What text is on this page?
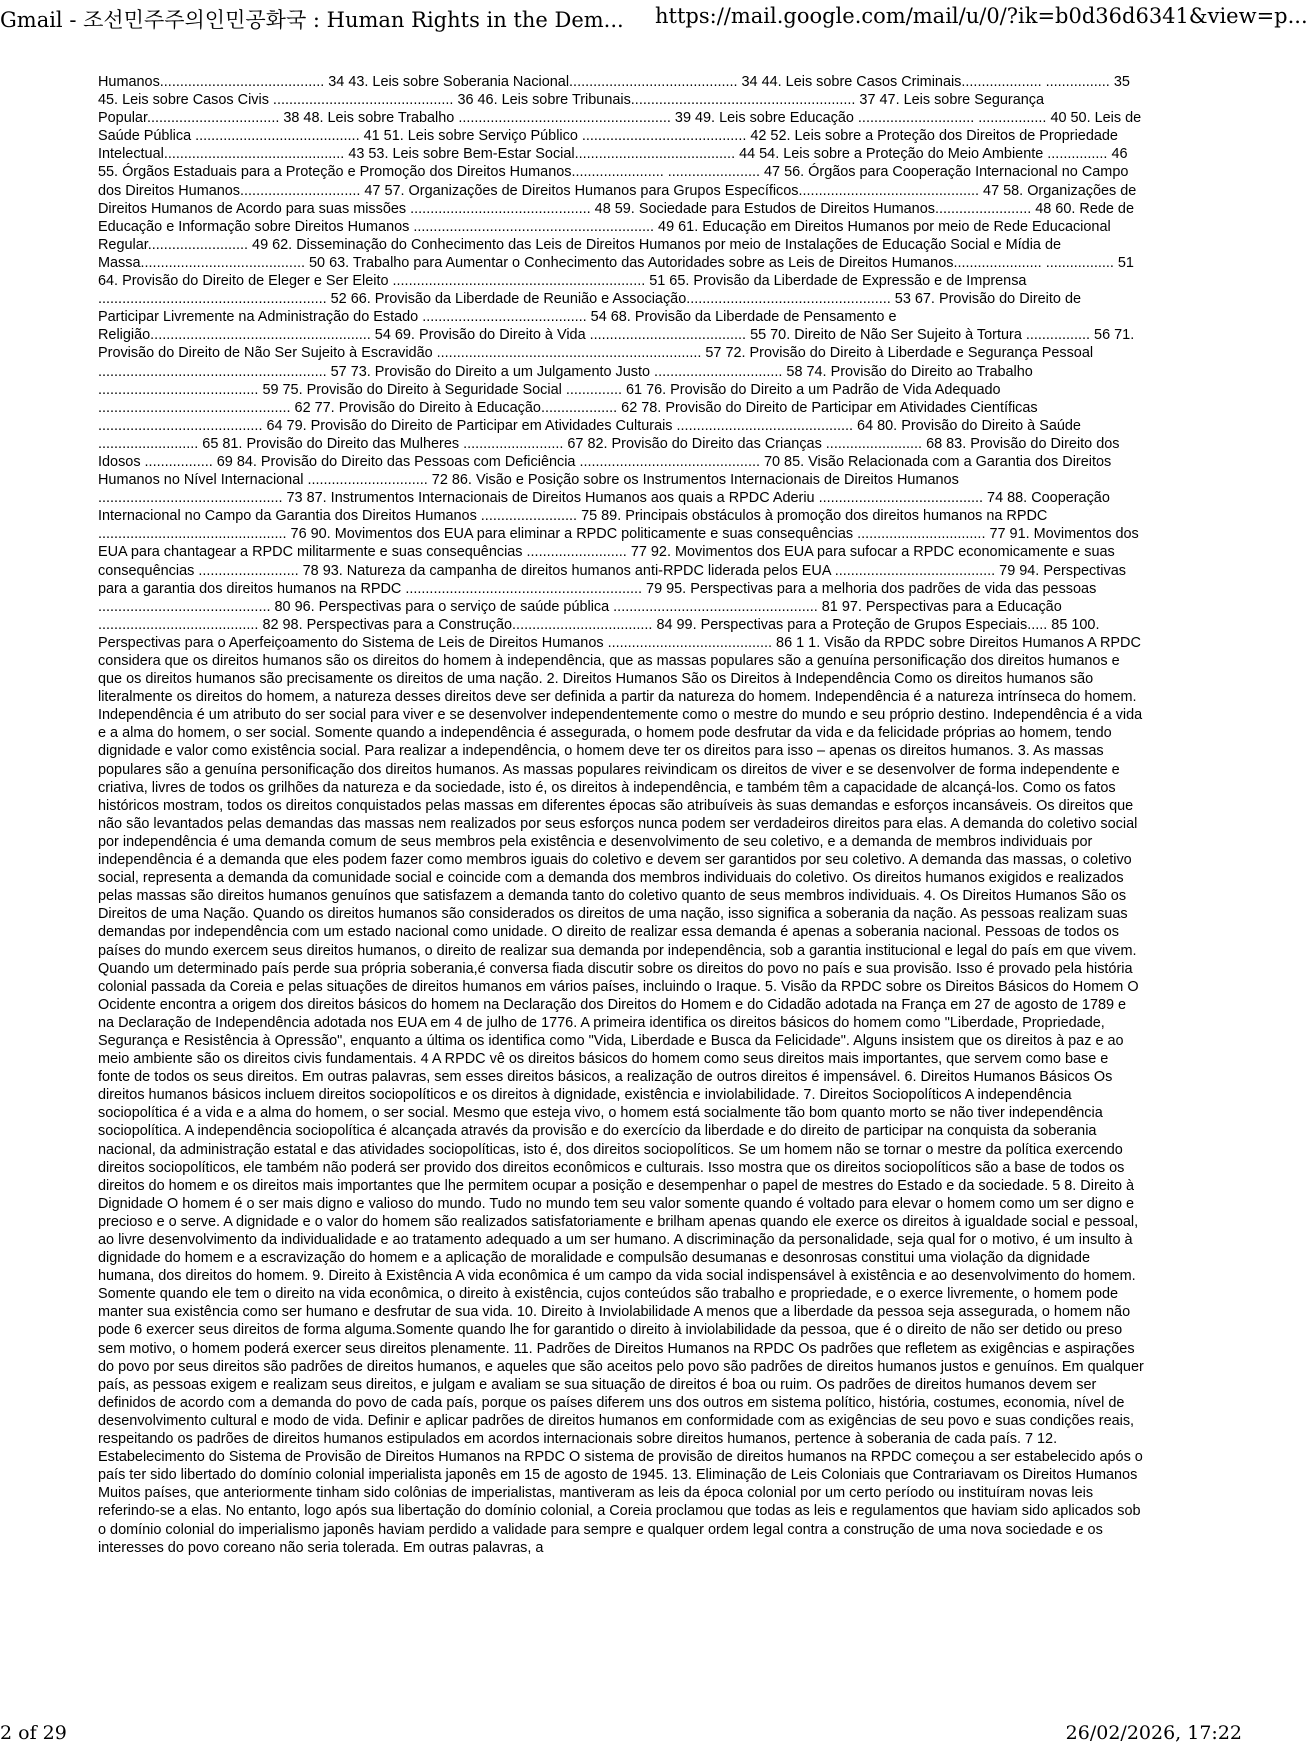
Gmail - 조선민주주의인민공화국 : Human Rights in the Dem... https://mail.google.com/mail/u/0/?ik=b0d36d6341&view=p...

Humanos......................................... 34 43. Leis sobre Soberania Nacional.......................................... 34 44. Leis sobre Casos Criminais.................... ................ 35 45. Leis sobre Casos Civis ............................................. 36 46. Leis sobre Tribunais........................................................ 37 47. Leis sobre Segurança Popular................................. 38 48. Leis sobre Trabalho ..................................................... 39 49. Leis sobre Educação ............................. ................. 40 50. Leis de Saúde Pública ......................................... 41 51. Leis sobre Serviço Público ......................................... 42 52. Leis sobre a Proteção dos Direitos de Propriedade Intelectual............................................. 43 53. Leis sobre Bem-Estar Social........................................ 44 54. Leis sobre a Proteção do Meio Ambiente ............... 46 55. Órgãos Estaduais para a Proteção e Promoção dos Direitos Humanos....................... ....................... 47 56. Órgãos para Cooperação Internacional no Campo dos Direitos Humanos.............................. 47 57. Organizações de Direitos Humanos para Grupos Específicos............................................. 47 58. Organizações de Direitos Humanos de Acordo para suas missões ............................................. 48 59. Sociedade para Estudos de Direitos Humanos........................ 48 60. Rede de Educação e Informação sobre Direitos Humanos ............................................................ 49 61. Educação em Direitos Humanos por meio de Rede Educacional Regular......................... 49 62. Disseminação do Conhecimento das Leis de Direitos Humanos por meio de Instalações de Educação Social e Mídia de Massa......................................... 50 63. Trabalho para Aumentar o Conhecimento das Autoridades sobre as Leis de Direitos Humanos...................... ................. 51 64. Provisão do Direito de Eleger e Ser Eleito ............................................................... 51 65. Provisão da Liberdade de Expressão e de Imprensa ......................................................... 52 66. Provisão da Liberdade de Reunião e Associação................................................... 53 67. Provisão do Direito de Participar Livremente na Administração do Estado ......................................... 54 68. Provisão da Liberdade de Pensamento e Religião....................................................... 54 69. Provisão do Direito à Vida ....................................... 55 70. Direito de Não Ser Sujeito à Tortura ................ 56 71. Provisão do Direito de Não Ser Sujeito à Escravidão .................................................................. 57 72. Provisão do Direito à Liberdade e Segurança Pessoal ......................................................... 57 73. Provisão do Direito a um Julgamento Justo ................................ 58 74. Provisão do Direito ao Trabalho ........................................ 59 75. Provisão do Direito à Seguridade Social .............. 61 76. Provisão do Direito a um Padrão de Vida Adequado ................................................ 62 77. Provisão do Direito à Educação................... 62 78. Provisão do Direito de Participar em Atividades Científicas ......................................... 64 79. Provisão do Direito de Participar em Atividades Culturais ............................................ 64 80. Provisão do Direito à Saúde ......................... 65 81. Provisão do Direito das Mulheres ......................... 67 82. Provisão do Direito das Crianças ........................ 68 83. Provisão do Direito dos Idosos ................. 69 84. Provisão do Direito das Pessoas com Deficiência ............................................. 70 85. Visão Relacionada com a Garantia dos Direitos Humanos no Nível Internacional .............................. 72 86. Visão e Posição sobre os Instrumentos Internacionais de Direitos Humanos .............................................. 73 87. Instrumentos Internacionais de Direitos Humanos aos quais a RPDC Aderiu ......................................... 74 88. Cooperação Internacional no Campo da Garantia dos Direitos Humanos ........................ 75 89. Principais obstáculos à promoção dos direitos humanos na RPDC ............................................... 76 90. Movimentos dos EUA para eliminar a RPDC politicamente e suas consequências ................................ 77 91. Movimentos dos EUA para chantagear a RPDC militarmente e suas consequências ......................... 77 92. Movimentos dos EUA para sufocar a RPDC economicamente e suas consequências ......................... 78 93. Natureza da campanha de direitos humanos anti-RPDC liderada pelos EUA ........................................ 79 94. Perspectivas para a garantia dos direitos humanos na RPDC ........................................................... 79 95. Perspectivas para a melhoria dos padrões de vida das pessoas ........................................... 80 96. Perspectivas para o serviço de saúde pública ................................................... 81 97. Perspectivas para a Educação ........................................ 82 98. Perspectivas para a Construção................................... 84 99. Perspectivas para a Proteção de Grupos Especiais..... 85 100. Perspectivas para o Aperfeiçoamento do Sistema de Leis de Direitos Humanos ......................................... 86 1 1. Visão da RPDC sobre Direitos Humanos A RPDC considera que os direitos humanos são os direitos do homem à independência, que as massas populares são a genuína personificação dos direitos humanos e que os direitos humanos são precisamente os direitos de uma nação. 2. Direitos Humanos São os Direitos à Independência Como os direitos humanos são literalmente os direitos do homem, a natureza desses direitos deve ser definida a partir da natureza do homem. Independência é a natureza intrínseca do homem. Independência é um atributo do ser social para viver e se desenvolver independentemente como o mestre do mundo e seu próprio destino. Independência é a vida e a alma do homem, o ser social. Somente quando a independência é assegurada, o homem pode desfrutar da vida e da felicidade próprias ao homem, tendo dignidade e valor como existência social. Para realizar a independência, o homem deve ter os direitos para isso – apenas os direitos humanos. 3. As massas populares são a genuína personificação dos direitos humanos. As massas populares reivindicam os direitos de viver e se desenvolver de forma independente e criativa, livres de todos os grilhões da natureza e da sociedade, isto é, os direitos à independência, e também têm a capacidade de alcançá-los. Como os fatos históricos mostram, todos os direitos conquistados pelas massas em diferentes épocas são atribuíveis às suas demandas e esforços incansáveis. Os direitos que não são levantados pelas demandas das massas nem realizados por seus esforços nunca podem ser verdadeiros direitos para elas. A demanda do coletivo social por independência é uma demanda comum de seus membros pela existência e desenvolvimento de seu coletivo, e a demanda de membros individuais por independência é a demanda que eles podem fazer como membros iguais do coletivo e devem ser garantidos por seu coletivo. A demanda das massas, o coletivo social, representa a demanda da comunidade social e coincide com a demanda dos membros individuais do coletivo. Os direitos humanos exigidos e realizados pelas massas são direitos humanos genuínos que satisfazem a demanda tanto do coletivo quanto de seus membros individuais. 4. Os Direitos Humanos São os Direitos de uma Nação. Quando os direitos humanos são considerados os direitos de uma nação, isso significa a soberania da nação. As pessoas realizam suas demandas por independência com um estado nacional como unidade. O direito de realizar essa demanda é apenas a soberania nacional. Pessoas de todos os países do mundo exercem seus direitos humanos, o direito de realizar sua demanda por independência, sob a garantia institucional e legal do país em que vivem. Quando um determinado país perde sua própria soberania,é conversa fiada discutir sobre os direitos do povo no país e sua provisão. Isso é provado pela história colonial passada da Coreia e pelas situações de direitos humanos em vários países, incluindo o Iraque. 5. Visão da RPDC sobre os Direitos Básicos do Homem O Ocidente encontra a origem dos direitos básicos do homem na Declaração dos Direitos do Homem e do Cidadão adotada na França em 27 de agosto de 1789 e na Declaração de Independência adotada nos EUA em 4 de julho de 1776. A primeira identifica os direitos básicos do homem como "Liberdade, Propriedade, Segurança e Resistência à Opressão", enquanto a última os identifica como "Vida, Liberdade e Busca da Felicidade". Alguns insistem que os direitos à paz e ao meio ambiente são os direitos civis fundamentais. 4 A RPDC vê os direitos básicos do homem como seus direitos mais importantes, que servem como base e fonte de todos os seus direitos. Em outras palavras, sem esses direitos básicos, a realização de outros direitos é impensável. 6. Direitos Humanos Básicos Os direitos humanos básicos incluem direitos sociopolíticos e os direitos à dignidade, existência e inviolabilidade. 7. Direitos Sociopolíticos A independência sociopolítica é a vida e a alma do homem, o ser social. Mesmo que esteja vivo, o homem está socialmente tão bom quanto morto se não tiver independência sociopolítica. A independência sociopolítica é alcançada através da provisão e do exercício da liberdade e do direito de participar na conquista da soberania nacional, da administração estatal e das atividades sociopolíticas, isto é, dos direitos sociopolíticos. Se um homem não se tornar o mestre da política exercendo direitos sociopolíticos, ele também não poderá ser provido dos direitos econômicos e culturais. Isso mostra que os direitos sociopolíticos são a base de todos os direitos do homem e os direitos mais importantes que lhe permitem ocupar a posição e desempenhar o papel de mestres do Estado e da sociedade. 5 8. Direito à Dignidade O homem é o ser mais digno e valioso do mundo. Tudo no mundo tem seu valor somente quando é voltado para elevar o homem como um ser digno e precioso e o serve. A dignidade e o valor do homem são realizados satisfatoriamente e brilham apenas quando ele exerce os direitos à igualdade social e pessoal, ao livre desenvolvimento da individualidade e ao tratamento adequado a um ser humano. A discriminação da personalidade, seja qual for o motivo, é um insulto à dignidade do homem e a escravização do homem e a aplicação de moralidade e compulsão desumanas e desonrosas constitui uma violação da dignidade humana, dos direitos do homem. 9. Direito à Existência A vida econômica é um campo da vida social indispensável à existência e ao desenvolvimento do homem. Somente quando ele tem o direito na vida econômica, o direito à existência, cujos conteúdos são trabalho e propriedade, e o exerce livremente, o homem pode manter sua existência como ser humano e desfrutar de sua vida. 10. Direito à Inviolabilidade A menos que a liberdade da pessoa seja assegurada, o homem não pode 6 exercer seus direitos de forma alguma.Somente quando lhe for garantido o direito à inviolabilidade da pessoa, que é o direito de não ser detido ou preso sem motivo, o homem poderá exercer seus direitos plenamente. 11. Padrões de Direitos Humanos na RPDC Os padrões que refletem as exigências e aspirações do povo por seus direitos são padrões de direitos humanos, e aqueles que são aceitos pelo povo são padrões de direitos humanos justos e genuínos. Em qualquer país, as pessoas exigem e realizam seus direitos, e julgam e avaliam se sua situação de direitos é boa ou ruim. Os padrões de direitos humanos devem ser definidos de acordo com a demanda do povo de cada país, porque os países diferem uns dos outros em sistema político, história, costumes, economia, nível de desenvolvimento cultural e modo de vida. Definir e aplicar padrões de direitos humanos em conformidade com as exigências de seu povo e suas condições reais, respeitando os padrões de direitos humanos estipulados em acordos internacionais sobre direitos humanos, pertence à soberania de cada país. 7 12. Estabelecimento do Sistema de Provisão de Direitos Humanos na RPDC O sistema de provisão de direitos humanos na RPDC começou a ser estabelecido após o país ter sido libertado do domínio colonial imperialista japonês em 15 de agosto de 1945. 13. Eliminação de Leis Coloniais que Contrariavam os Direitos Humanos Muitos países, que anteriormente tinham sido colônias de imperialistas, mantiveram as leis da época colonial por um certo período ou instituíram novas leis referindo-se a elas. No entanto, logo após sua libertação do domínio colonial, a Coreia proclamou que todas as leis e regulamentos que haviam sido aplicados sob o domínio colonial do imperialismo japonês haviam perdido a validade para sempre e qualquer ordem legal contra a construção de uma nova sociedade e os interesses do povo coreano não seria tolerada. Em outras palavras, a

2 of 29	26/02/2026, 17:22
